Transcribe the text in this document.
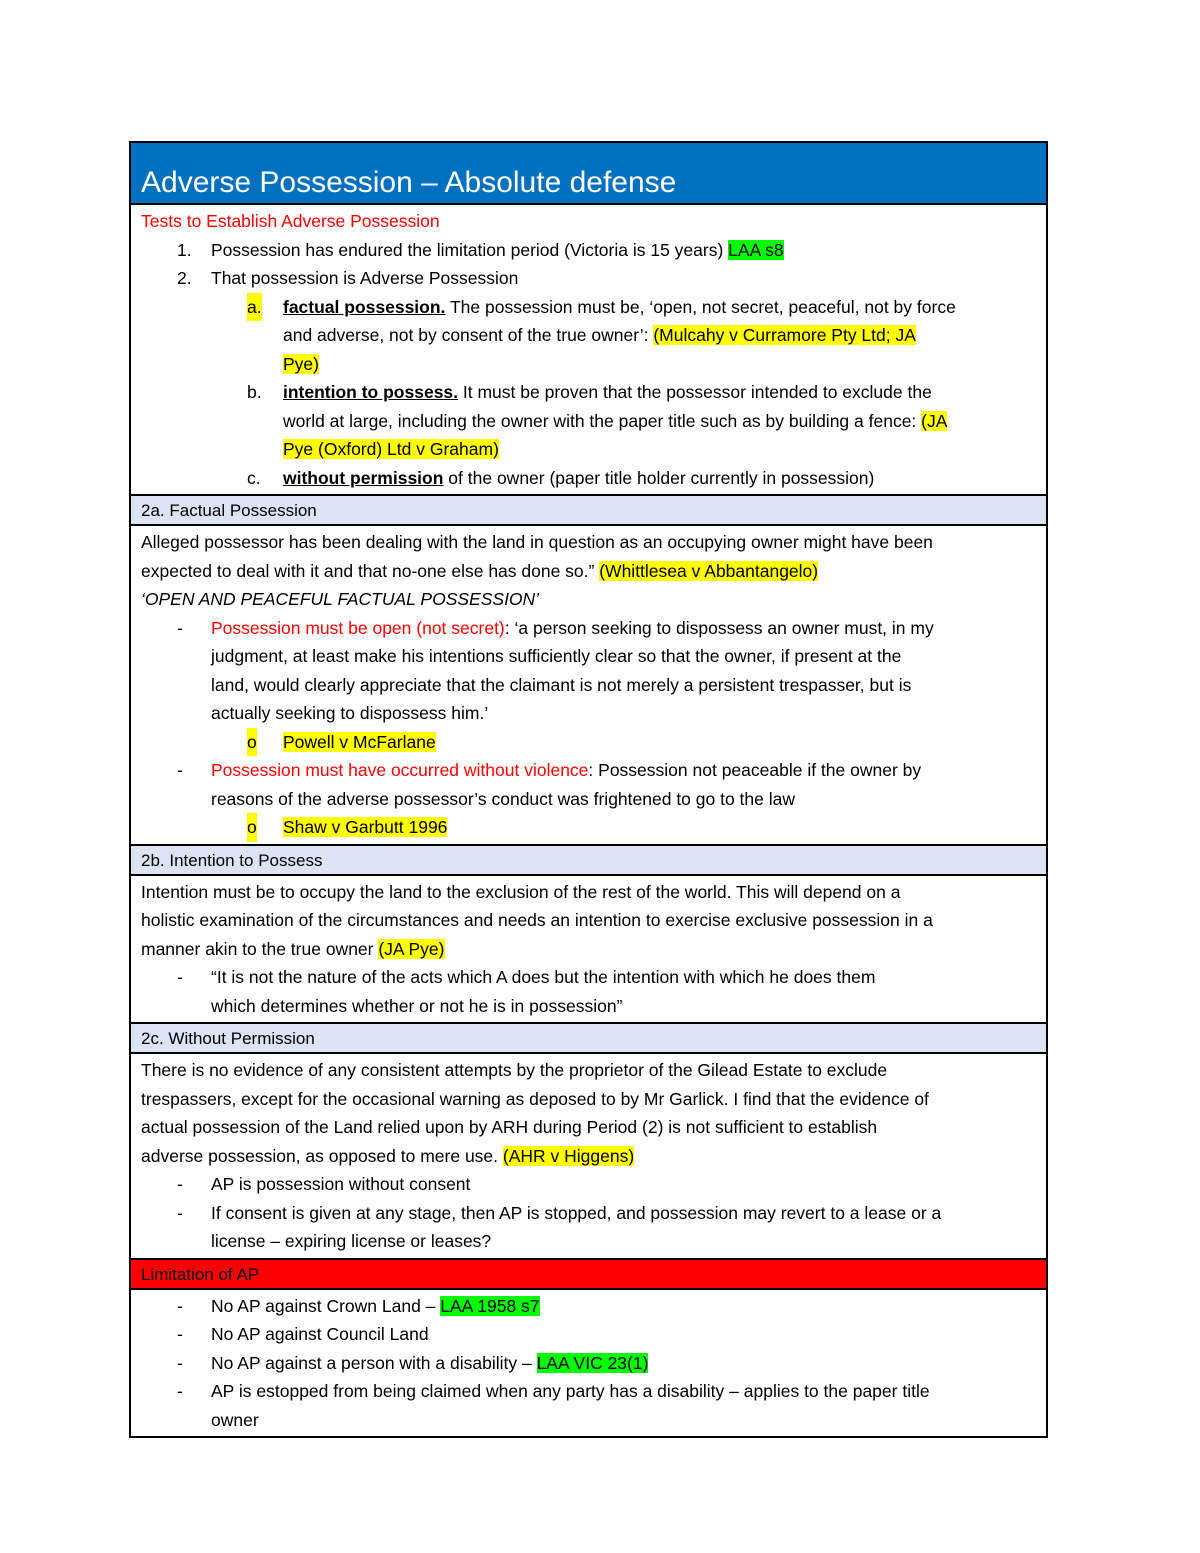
Adverse Possession – Absolute defense
Tests to Establish Adverse Possession
1. Possession has endured the limitation period (Victoria is 15 years) LAA s8
2. That possession is Adverse Possession
a. factual possession. The possession must be, ‘open, not secret, peaceful, not by force
and adverse, not by consent of the true owner’: (Mulcahy v Curramore Pty Ltd; JA
Pye)
b. intention to possess. It must be proven that the possessor intended to exclude the
world at large, including the owner with the paper title such as by building a fence: (JA
Pye (Oxford) Ltd v Graham)
c. without permission of the owner (paper title holder currently in possession)
2a. Factual Possession
Alleged possessor has been dealing with the land in question as an occupying owner might have been
expected to deal with it and that no-one else has done so.” (Whittlesea v Abbantangelo)
‘OPEN AND PEACEFUL FACTUAL POSSESSION’
- Possession must be open (not secret): ‘a person seeking to dispossess an owner must, in my
judgment, at least make his intentions sufficiently clear so that the owner, if present at the
land, would clearly appreciate that the claimant is not merely a persistent trespasser, but is
actually seeking to dispossess him.’
o Powell v McFarlane
- Possession must have occurred without violence: Possession not peaceable if the owner by
reasons of the adverse possessor’s conduct was frightened to go to the law
o Shaw v Garbutt 1996
2b. Intention to Possess
Intention must be to occupy the land to the exclusion of the rest of the world. This will depend on a
holistic examination of the circumstances and needs an intention to exercise exclusive possession in a
manner akin to the true owner (JA Pye)
- “It is not the nature of the acts which A does but the intention with which he does them
which determines whether or not he is in possession”
2c. Without Permission
There is no evidence of any consistent attempts by the proprietor of the Gilead Estate to exclude
trespassers, except for the occasional warning as deposed to by Mr Garlick. I find that the evidence of
actual possession of the Land relied upon by ARH during Period (2) is not sufficient to establish
adverse possession, as opposed to mere use. (AHR v Higgens)
- AP is possession without consent
- If consent is given at any stage, then AP is stopped, and possession may revert to a lease or a
license – expiring license or leases?
Limitation of AP
- No AP against Crown Land – LAA 1958 s7
- No AP against Council Land
- No AP against a person with a disability – LAA VIC 23(1)
- AP is estopped from being claimed when any party has a disability – applies to the paper title
owner
